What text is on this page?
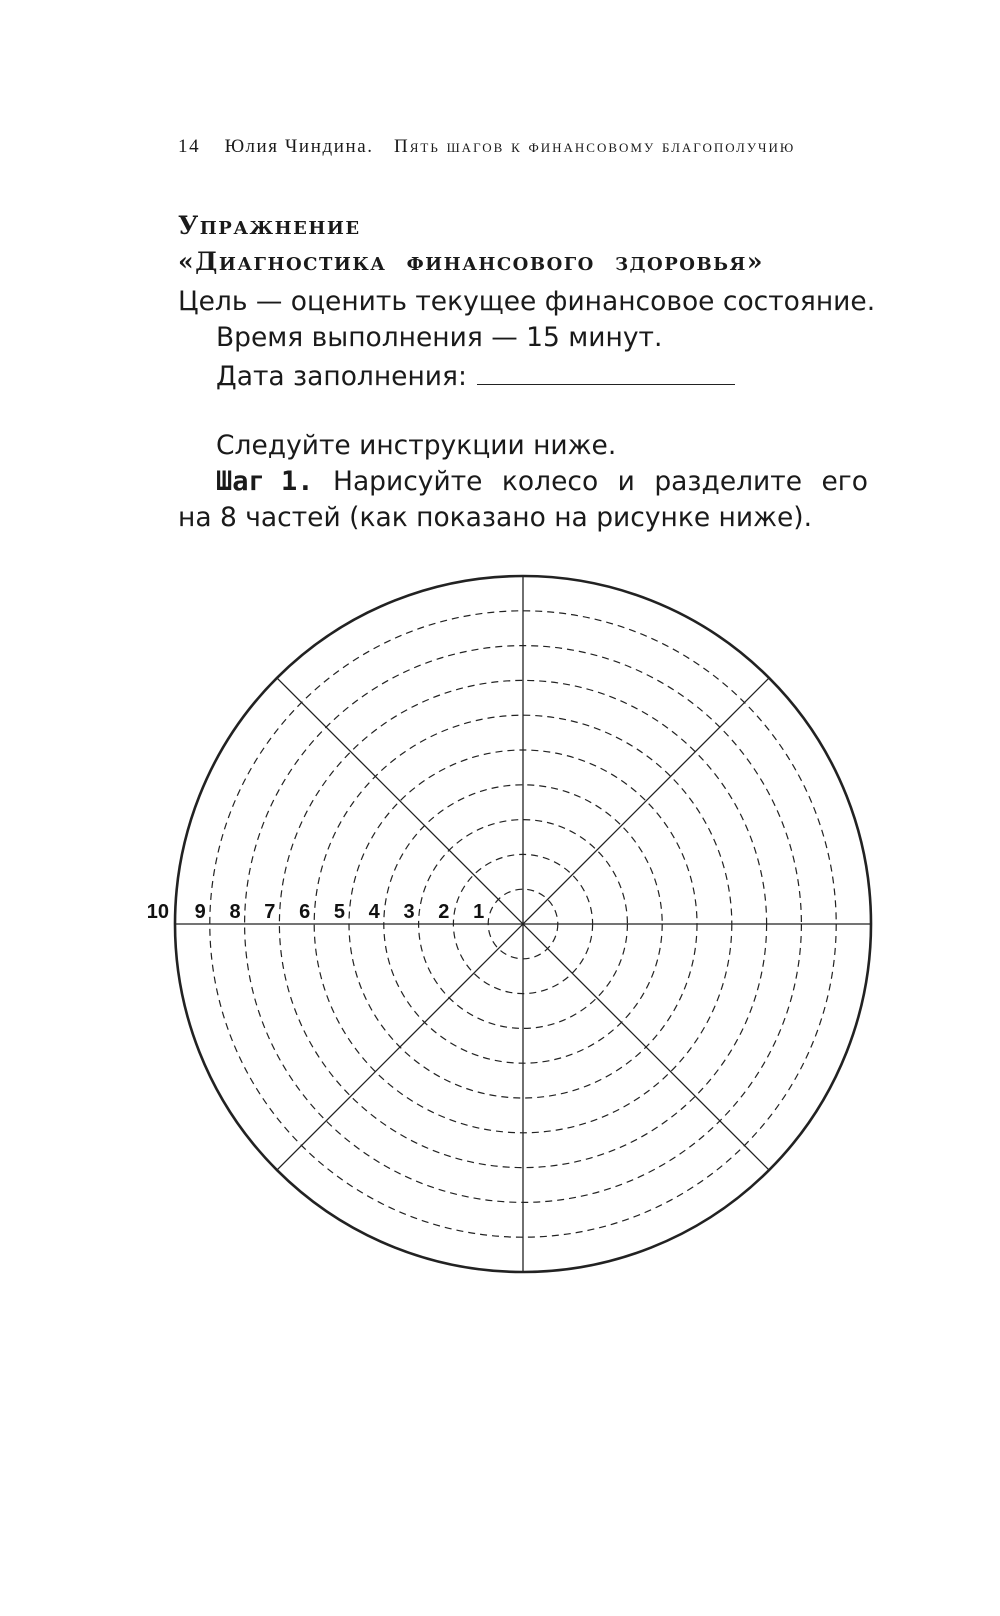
14 Юлия Чиндина. Пять шагов к финансовому благополучию
Упражнение
«Диагностика финансового здоровья»
Цель — оценить текущее финансовое состояние.
Время выполнения — 15 минут.
Дата заполнения:
Следуйте инструкции ниже.
Шаг 1. Нарисуйте колесо и разделите его
на 8 частей (как показано на рисунке ниже).
10 9 8 7 6 5 4 3 2 1
